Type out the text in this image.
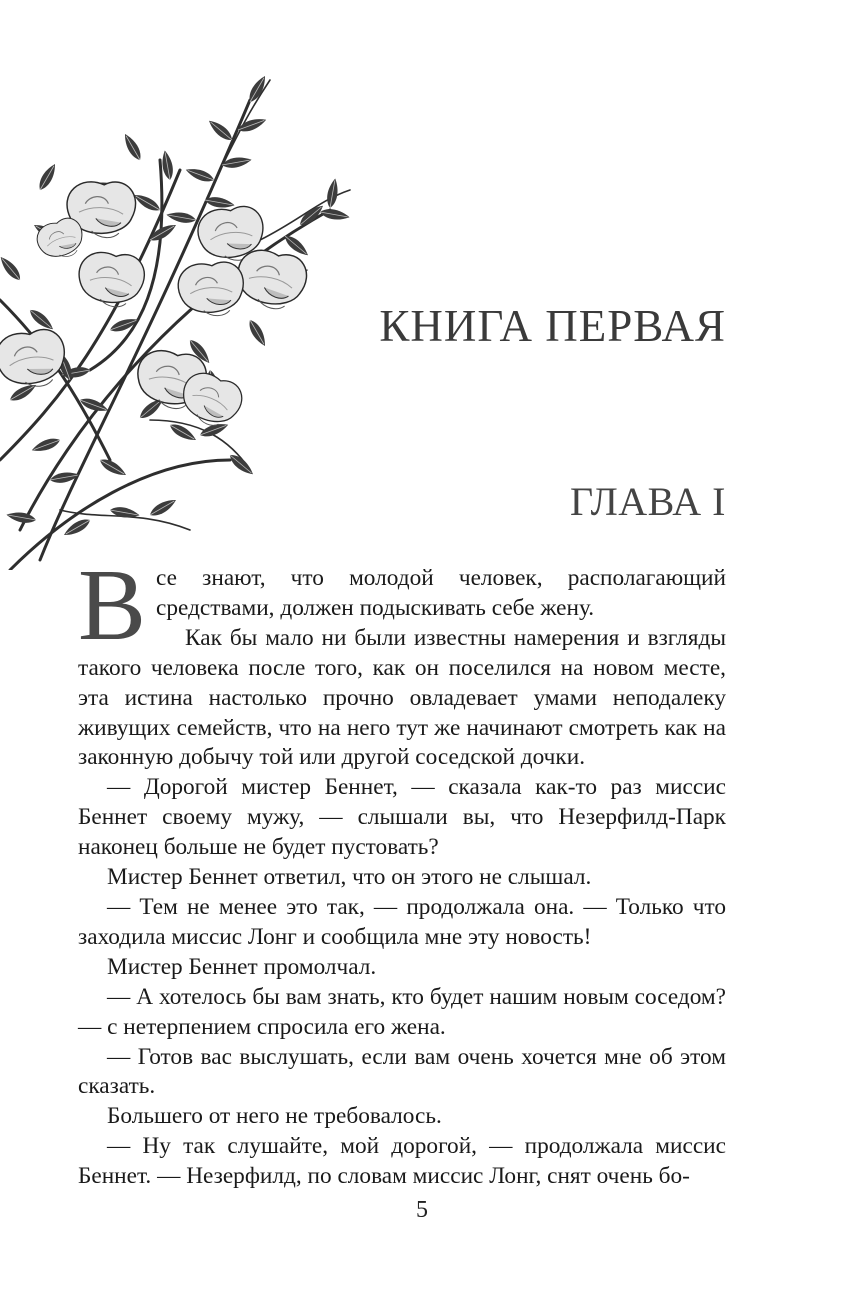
КНИГА ПЕРВАЯ
ГЛАВА I

Все знают, что молодой человек, располагающий средствами, должен подыскивать себе жену.

Как бы мало ни были известны намерения и взгляды такого человека после того, как он поселился на новом месте, эта истина настолько прочно овладевает умами неподалеку живущих семейств, что на него тут же начинают смотреть как на законную добычу той или другой соседской дочки.

— Дорогой мистер Беннет, — сказала как-то раз миссис Беннет своему мужу, — слышали вы, что Незерфилд-Парк наконец больше не будет пустовать?

Мистер Беннет ответил, что он этого не слышал.

— Тем не менее это так, — продолжала она. — Только что заходила миссис Лонг и сообщила мне эту новость!

Мистер Беннет промолчал.

— А хотелось бы вам знать, кто будет нашим новым соседом? — с нетерпением спросила его жена.

— Готов вас выслушать, если вам очень хочется мне об этом сказать.

Большего от него не требовалось.

— Ну так слушайте, мой дорогой, — продолжала миссис Беннет. — Незерфилд, по словам миссис Лонг, снят очень бо-

5
